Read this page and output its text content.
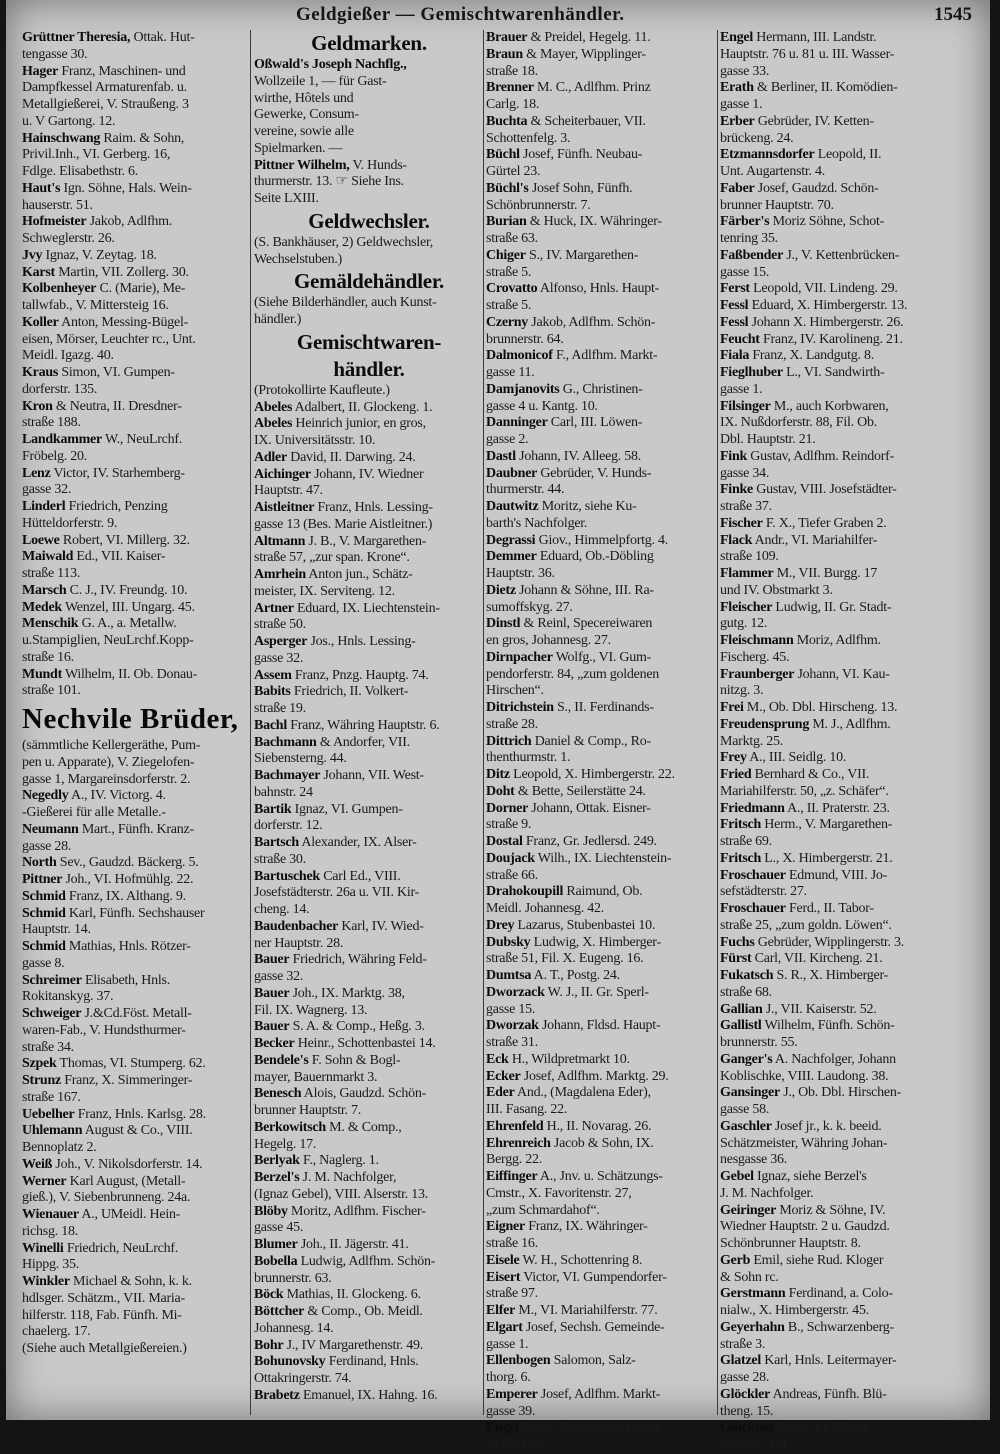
Geldgießer — Gemischtwarenhändler.	1545
Grüttner Theresia, Ottak. Hut-
tengasse 30.
Hager Franz, Maschinen- und
Dampfkessel Armaturenfab. u.
Metallgießerei, V. Straußeng. 3
u. V Gartong. 12.
Hainschwang Raim. & Sohn,
Privil.Inh., VI. Gerberg. 16,
Fdlge. Elisabethstr. 6.
Haut's Ign. Söhne, Hals. Wein-
hauserstr. 51.
Hofmeister Jakob, Adlfhm.
Schweglerstr. 26.
Jvy Ignaz, V. Zeytag. 18.
Karst Martin, VII. Zollerg. 30.
Kolbenheyer C. (Marie), Me-
tallwfab., V. Mittersteig 16.
Koller Anton, Messing-Bügel-
eisen, Mörser, Leuchter rc., Unt.
Meidl. Igazg. 40.
Kraus Simon, VI. Gumpen-
dorferstr. 135.
Kron & Neutra, II. Dresdner-
straße 188.
Landkammer W., NeuLrchf.
Fröbelg. 20.
Lenz Victor, IV. Starhemberg-
gasse 32.
Linderl Friedrich, Penzing
Hütteldorferstr. 9.
Loewe Robert, VI. Millerg. 32.
Maiwald Ed., VII. Kaiser-
straße 113.
Marsch C. J., IV. Freundg. 10.
Medek Wenzel, III. Ungarg. 45.
Menschik G. A., a. Metallw.
u.Stampiglien, NeuLrchf.Kopp-
straße 16.
Mundt Wilhelm, II. Ob. Donau-
straße 101.
Nechvile Brüder,
(sämmtliche Kellergeräthe, Pum-
pen u. Apparate), V. Ziegelofen-
gasse 1, Margareinsdorferstr. 2.
Negedly A., IV. Victorg. 4.
-Gießerei für alle Metalle.-
Neumann Mart., Fünfh. Kranz-
gasse 28.
North Sev., Gaudzd. Bäckerg. 5.
Pittner Joh., VI. Hofmühlg. 22.
Schmid Franz, IX. Althang. 9.
Schmid Karl, Fünfh. Sechshauser
Hauptstr. 14.
Schmid Mathias, Hnls. Rötzer-
gasse 8.
Schreimer Elisabeth, Hnls.
Rokitanskyg. 37.
Schweiger J.&Cd.Föst. Metall-
waren-Fab., V. Hundsthurmer-
straße 34.
Szpek Thomas, VI. Stumperg. 62.
Strunz Franz, X. Simmeringer-
straße 167.
Uebelher Franz, Hnls. Karlsg. 28.
Uhlemann August & Co., VIII.
Bennoplatz 2.
Weiß Joh., V. Nikolsdorferstr. 14.
Werner Karl August, (Metall-
gieß.), V. Siebenbrunneng. 24a.
Wienauer A., UMeidl. Hein-
richsg. 18.
Winelli Friedrich, NeuLrchf.
Hippg. 35.
Winkler Michael & Sohn, k. k.
hdlsger. Schätzm., VII. Maria-
hilferstr. 118, Fab. Fünfh. Mi-
chaelerg. 17.
(Siehe auch Metallgießereien.)
Geldmarken.
Oßwald's Joseph Nachflg.,
Wollzeile 1, — für Gast-
wirthe, Hôtels und
Gewerke, Consum-
vereine, sowie alle
Spielmarken. —
Pittner Wilhelm, V. Hunds-
thurmerstr. 13. ☞ Siehe Ins.
Seite LXIII.
Geldwechsler.
(S. Bankhäuser, 2) Geldwechsler,
Wechselstuben.)
Gemäldehändler.
(Siehe Bilderhändler, auch Kunst-
händler.)
Gemischtwaren-
händler.
(Protokollirte Kaufleute.)
Abeles Adalbert, II. Glockeng. 1.
Abeles Heinrich junior, en gros,
IX. Universitätsstr. 10.
Adler David, II. Darwing. 24.
Aichinger Johann, IV. Wiedner
Hauptstr. 47.
Aistleitner Franz, Hnls. Lessing-
gasse 13 (Bes. Marie Aistleitner.)
Altmann J. B., V. Margarethen-
straße 57, „zur span. Krone“.
Amrhein Anton jun., Schätz-
meister, IX. Serviteng. 12.
Artner Eduard, IX. Liechtenstein-
straße 50.
Asperger Jos., Hnls. Lessing-
gasse 32.
Assem Franz, Pnzg. Hauptg. 74.
Babits Friedrich, II. Volkert-
straße 19.
Bachl Franz, Währing Hauptstr. 6.
Bachmann & Andorfer, VII.
Siebensterng. 44.
Bachmayer Johann, VII. West-
bahnstr. 24
Bartik Ignaz, VI. Gumpen-
dorferstr. 12.
Bartsch Alexander, IX. Alser-
straße 30.
Bartuschek Carl Ed., VIII.
Josefstädterstr. 26a u. VII. Kir-
cheng. 14.
Baudenbacher Karl, IV. Wied-
ner Hauptstr. 28.
Bauer Friedrich, Währing Feld-
gasse 32.
Bauer Joh., IX. Marktg. 38,
Fil. IX. Wagnerg. 13.
Bauer S. A. & Comp., Heßg. 3.
Becker Heinr., Schottenbastei 14.
Bendele's F. Sohn & Bogl-
mayer, Bauernmarkt 3.
Benesch Alois, Gaudzd. Schön-
brunner Hauptstr. 7.
Berkowitsch M. & Comp.,
Hegelg. 17.
Berlyak F., Naglerg. 1.
Berzel's J. M. Nachfolger,
(Ignaz Gebel), VIII. Alserstr. 13.
Blöby Moritz, Adlfhm. Fischer-
gasse 45.
Blumer Joh., II. Jägerstr. 41.
Bobella Ludwig, Adlfhm. Schön-
brunnerstr. 63.
Böck Mathias, II. Glockeng. 6.
Böttcher & Comp., Ob. Meidl.
Johannesg. 14.
Bohr J., IV Margarethenstr. 49.
Bohunovsky Ferdinand, Hnls.
Ottakringerstr. 74.
Brabetz Emanuel, IX. Hahng. 16.
Brauer & Preidel, Hegelg. 11.
Braun & Mayer, Wipplinger-
straße 18.
Brenner M. C., Adlfhm. Prinz
Carlg. 18.
Buchta & Scheiterbauer, VII.
Schottenfelg. 3.
Büchl Josef, Fünfh. Neubau-
Gürtel 23.
Büchl's Josef Sohn, Fünfh.
Schönbrunnerstr. 7.
Burian & Huck, IX. Währinger-
straße 63.
Chiger S., IV. Margarethen-
straße 5.
Crovatto Alfonso, Hnls. Haupt-
straße 5.
Czerny Jakob, Adlfhm. Schön-
brunnerstr. 64.
Dalmonicof F., Adlfhm. Markt-
gasse 11.
Damjanovits G., Christinen-
gasse 4 u. Kantg. 10.
Danninger Carl, III. Löwen-
gasse 2.
Dastl Johann, IV. Alleeg. 58.
Daubner Gebrüder, V. Hunds-
thurmerstr. 44.
Dautwitz Moritz, siehe Ku-
barth's Nachfolger.
Degrassi Giov., Himmelpfortg. 4.
Demmer Eduard, Ob.-Döbling
Hauptstr. 36.
Dietz Johann & Söhne, III. Ra-
sumoffskyg. 27.
Dinstl & Reinl, Specereiwaren
en gros, Johannesg. 27.
Dirnpacher Wolfg., VI. Gum-
pendorferstr. 84, „zum goldenen
Hirschen“.
Ditrichstein S., II. Ferdinands-
straße 28.
Dittrich Daniel & Comp., Ro-
thenthurmstr. 1.
Ditz Leopold, X. Himbergerstr. 22.
Doht & Bette, Seilerstätte 24.
Dorner Johann, Ottak. Eisner-
straße 9.
Dostal Franz, Gr. Jedlersd. 249.
Doujack Wilh., IX. Liechtenstein-
straße 66.
Drahokoupill Raimund, Ob.
Meidl. Johannesg. 42.
Drey Lazarus, Stubenbastei 10.
Dubsky Ludwig, X. Himberger-
straße 51, Fil. X. Eugeng. 16.
Dumtsa A. T., Postg. 24.
Dworzack W. J., II. Gr. Sperl-
gasse 15.
Dworzak Johann, Fldsd. Haupt-
straße 31.
Eck H., Wildpretmarkt 10.
Ecker Josef, Adlfhm. Marktg. 29.
Eder And., (Magdalena Eder),
III. Fasang. 22.
Ehrenfeld H., II. Novarag. 26.
Ehrenreich Jacob & Sohn, IX.
Bergg. 22.
Eiffinger A., Jnv. u. Schätzungs-
Cmstr., X. Favoritenstr. 27,
„zum Schmardahof“.
Eigner Franz, IX. Währinger-
straße 16.
Eisele W. H., Schottenring 8.
Eisert Victor, VI. Gumpendorfer-
straße 97.
Elfer M., VI. Mariahilferstr. 77.
Elgart Josef, Sechsh. Gemeinde-
gasse 1.
Ellenbogen Salomon, Salz-
thorg. 6.
Emperer Josef, Adlfhm. Markt-
gasse 39.
Engel Adolf, III. Landstr. Haupt-
straße 101.
Engel Hermann, III. Landstr.
Hauptstr. 76 u. 81 u. III. Wasser-
gasse 33.
Erath & Berliner, II. Komödien-
gasse 1.
Erber Gebrüder, IV. Ketten-
brückeng. 24.
Etzmannsdorfer Leopold, II.
Unt. Augartenstr. 4.
Faber Josef, Gaudzd. Schön-
brunner Hauptstr. 70.
Färber's Moriz Söhne, Schot-
tenring 35.
Faßbender J., V. Kettenbrücken-
gasse 15.
Ferst Leopold, VII. Lindeng. 29.
Fessl Eduard, X. Himbergerstr. 13.
Fessl Johann X. Himbergerstr. 26.
Feucht Franz, IV. Karolineng. 21.
Fiala Franz, X. Landgutg. 8.
Fieglhuber L., VI. Sandwirth-
gasse 1.
Filsinger M., auch Korbwaren,
IX. Nußdorferstr. 88, Fil. Ob.
Dbl. Hauptstr. 21.
Fink Gustav, Adlfhm. Reindorf-
gasse 34.
Finke Gustav, VIII. Josefstädter-
straße 37.
Fischer F. X., Tiefer Graben 2.
Flack Andr., VI. Mariahilfer-
straße 109.
Flammer M., VII. Burgg. 17
und IV. Obstmarkt 3.
Fleischer Ludwig, II. Gr. Stadt-
gutg. 12.
Fleischmann Moriz, Adlfhm.
Fischerg. 45.
Fraunberger Johann, VI. Kau-
nitzg. 3.
Frei M., Ob. Dbl. Hirscheng. 13.
Freudensprung M. J., Adlfhm.
Marktg. 25.
Frey A., III. Seidlg. 10.
Fried Bernhard & Co., VII.
Mariahilferstr. 50, „z. Schäfer“.
Friedmann A., II. Praterstr. 23.
Fritsch Herm., V. Margarethen-
straße 69.
Fritsch L., X. Himbergerstr. 21.
Froschauer Edmund, VIII. Jo-
sefstädterstr. 27.
Froschauer Ferd., II. Tabor-
straße 25, „zum goldn. Löwen“.
Fuchs Gebrüder, Wipplingerstr. 3.
Fürst Carl, VII. Kircheng. 21.
Fukatsch S. R., X. Himberger-
straße 68.
Gallian J., VII. Kaiserstr. 52.
Gallistl Wilhelm, Fünfh. Schön-
brunnerstr. 55.
Ganger's A. Nachfolger, Johann
Koblischke, VIII. Laudong. 38.
Gansinger J., Ob. Dbl. Hirschen-
gasse 58.
Gaschler Josef jr., k. k. beeid.
Schätzmeister, Währing Johan-
nesgasse 36.
Gebel Ignaz, siehe Berzel's
J. M. Nachfolger.
Geiringer Moriz & Söhne, IV.
Wiedner Hauptstr. 2 u. Gaudzd.
Schönbrunner Hauptstr. 8.
Gerb Emil, siehe Rud. Kloger
& Sohn rc.
Gerstmann Ferdinand, a. Colo-
nialw., X. Himbergerstr. 45.
Geyerhahn B., Schwarzenberg-
straße 3.
Glatzel Karl, Hnls. Leitermayer-
gasse 28.
Glöckler Andreas, Fünfh. Blü-
theng. 15.
Glückner Anna, VI. Maria-
hilferstr. 121.
